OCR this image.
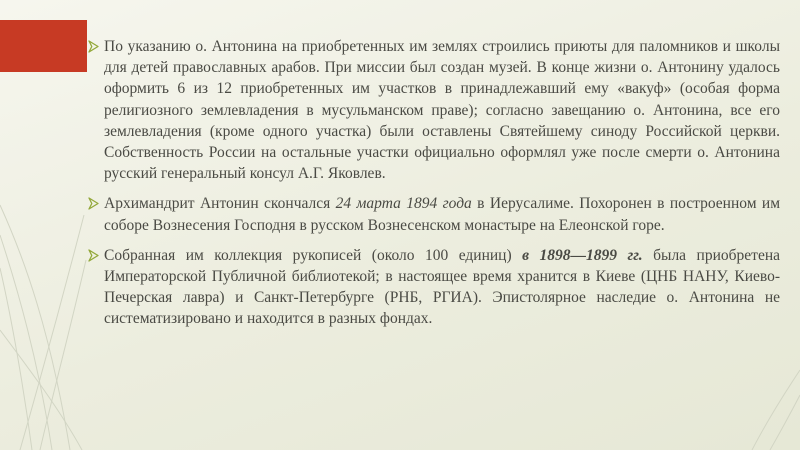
По указанию о. Антонина на приобретенных им землях строились приюты для паломников и школы для детей православных арабов. При миссии был создан музей. В конце жизни о. Антонину удалось оформить 6 из 12 приобретенных им участков в принадлежавший ему «вакуф» (особая форма религиозного землевладения в мусульманском праве); согласно завещанию о. Антонина, все его землевладения (кроме одного участка) были оставлены Святейшему синоду Российской церкви. Собственность России на остальные участки официально оформлял уже после смерти о. Антонина русский генеральный консул А.Г. Яковлев.

Архимандрит Антонин скончался 24 марта 1894 года в Иерусалиме. Похоронен в построенном им соборе Вознесения Господня в русском Вознесенском монастыре на Елеонской горе.

Собранная им коллекция рукописей (около 100 единиц) в 1898—1899 гг. была приобретена Императорской Публичной библиотекой; в настоящее время хранится в Киеве (ЦНБ НАНУ, Киево-Печерская лавра) и Санкт-Петербурге (РНБ, РГИА). Эпистолярное наследие о. Антонина не систематизировано и находится в разных фондах.
